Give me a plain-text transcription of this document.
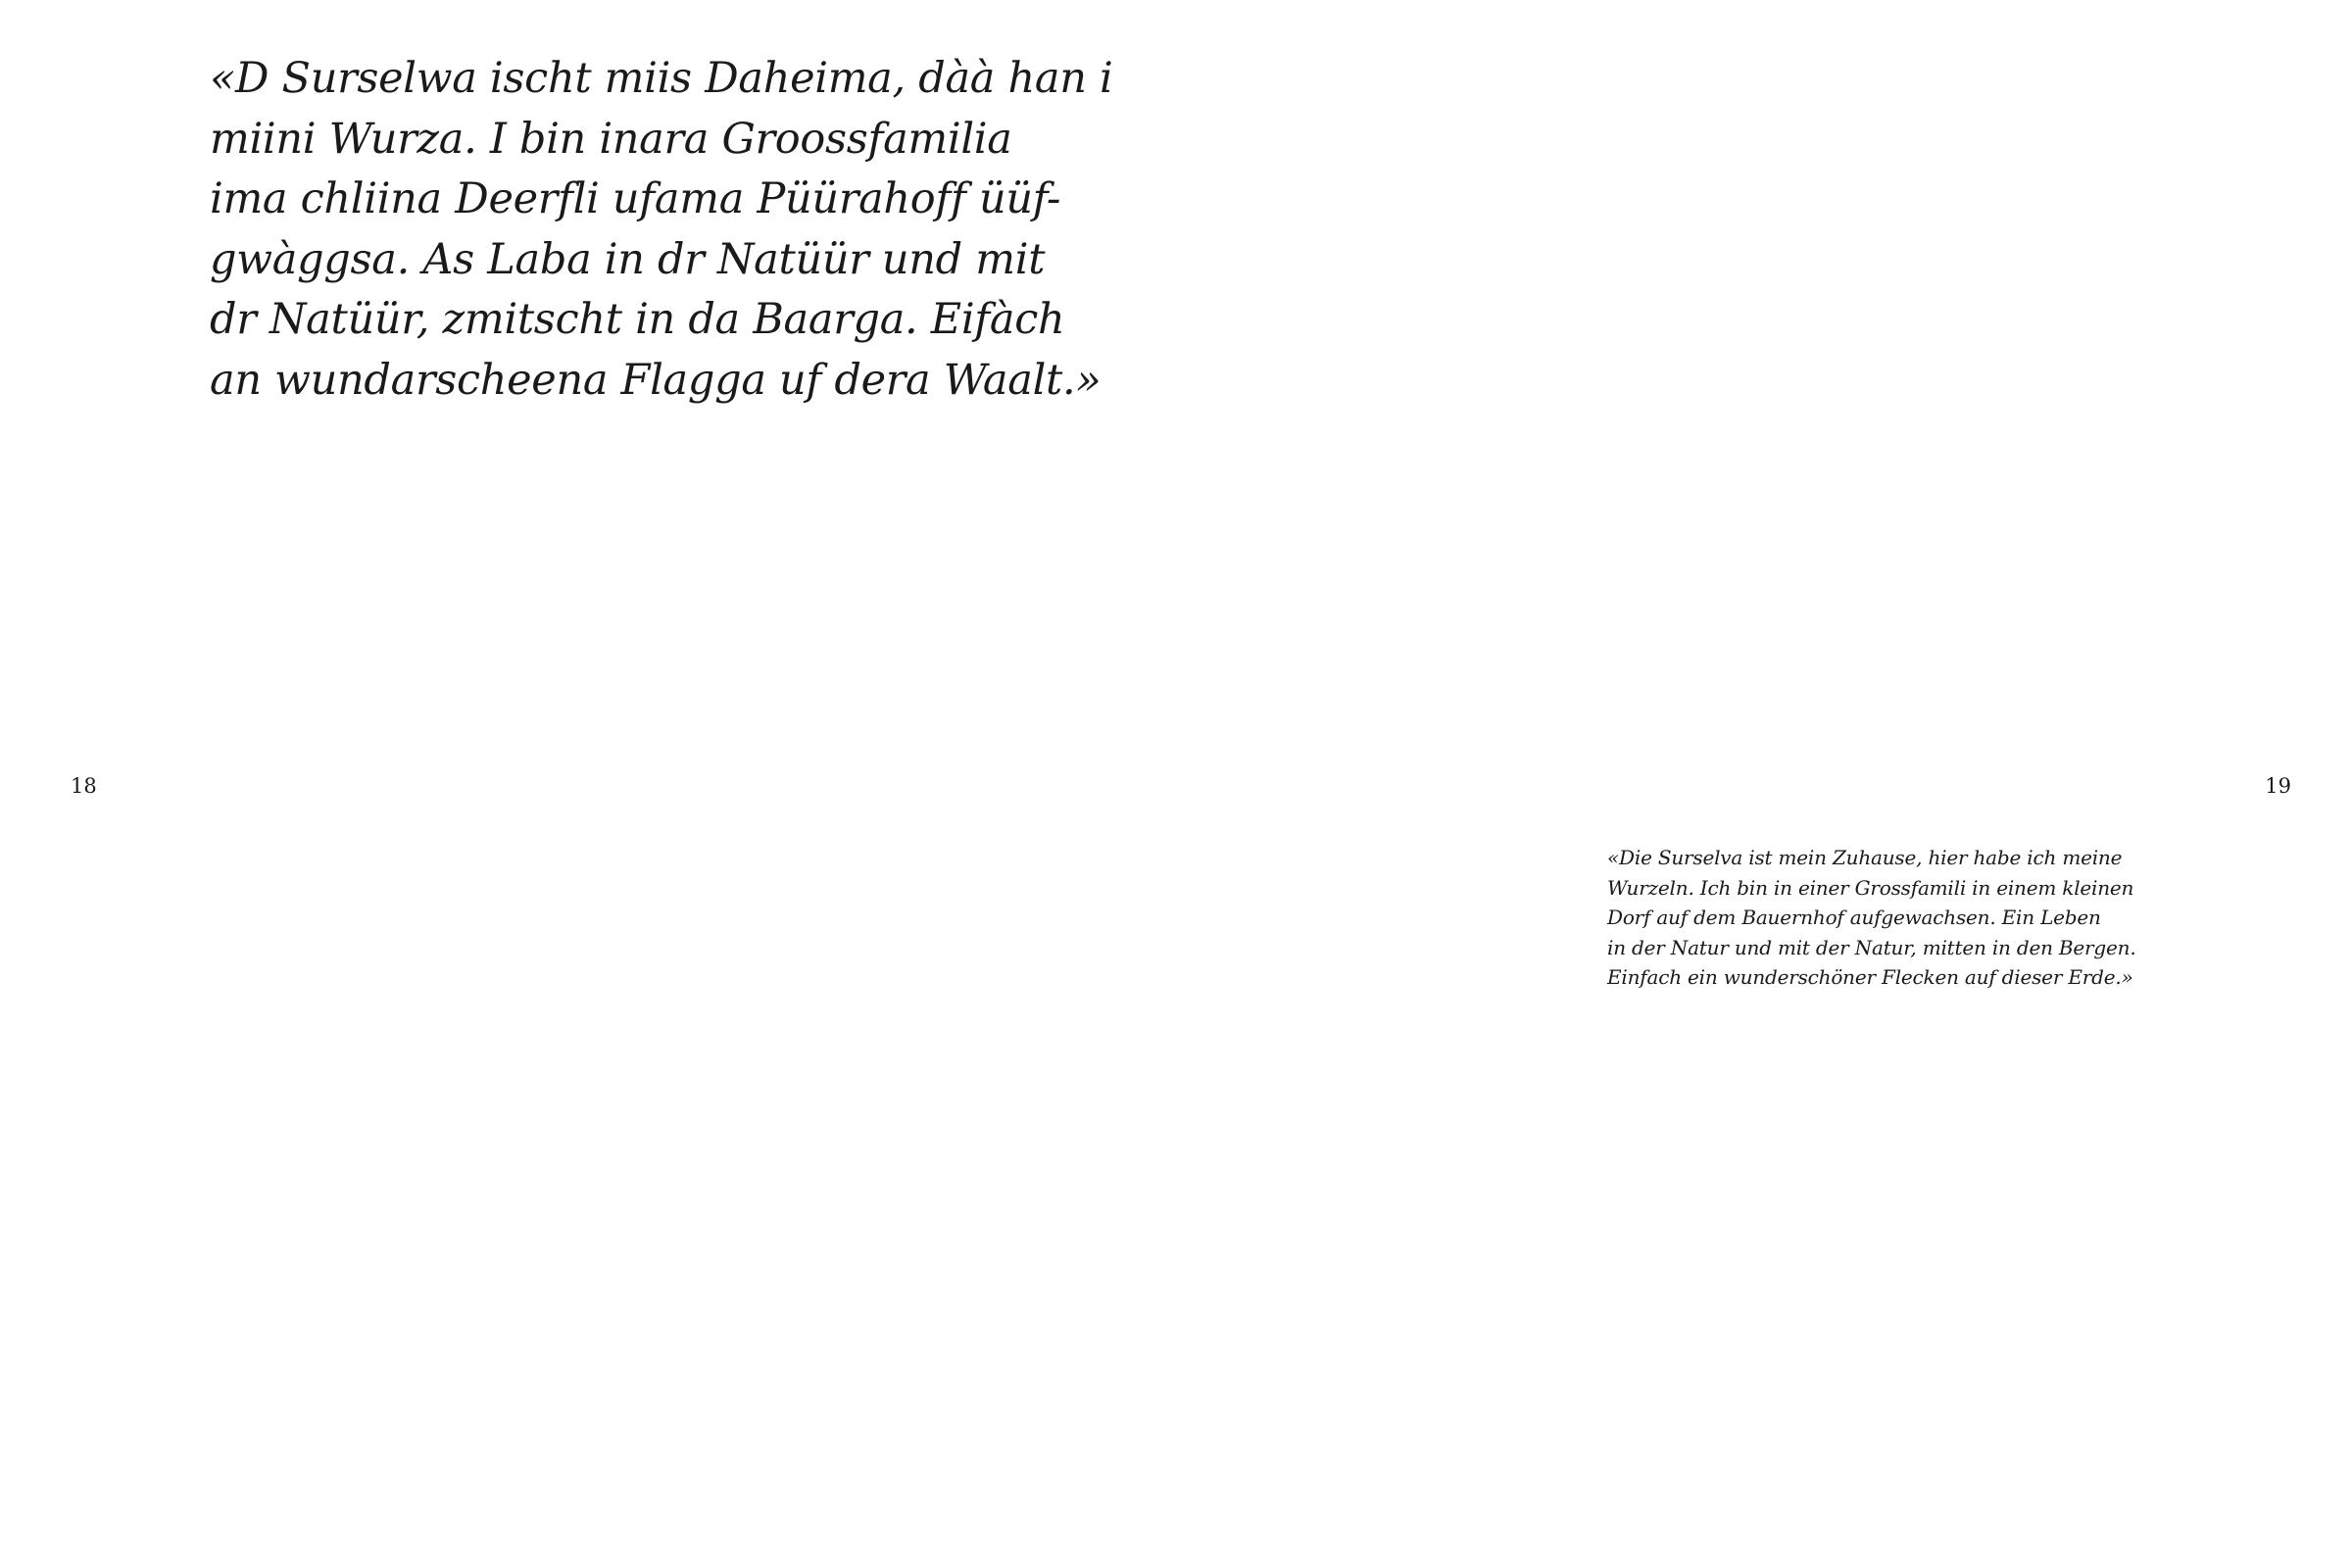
«D Surselwa ischt miis Daheima, dàà han i
miini Wurza. I bin inara Groossfamilia
ima chliina Deerfli ufama Püürahoff üüf-
gwàggsa. As Laba in dr Natüür und mit
dr Natüür, zmitscht in da Baarga. Eifàch
an wundarscheena Flagga uf dera Waalt.»
18	19
«Die Surselva ist mein Zuhause, hier habe ich meine
Wurzeln. Ich bin in einer Grossfamili in einem kleinen
Dorf auf dem Bauernhof aufgewachsen. Ein Leben
in der Natur und mit der Natur, mitten in den Bergen.
Einfach ein wunderschöner Flecken auf dieser Erde.»
